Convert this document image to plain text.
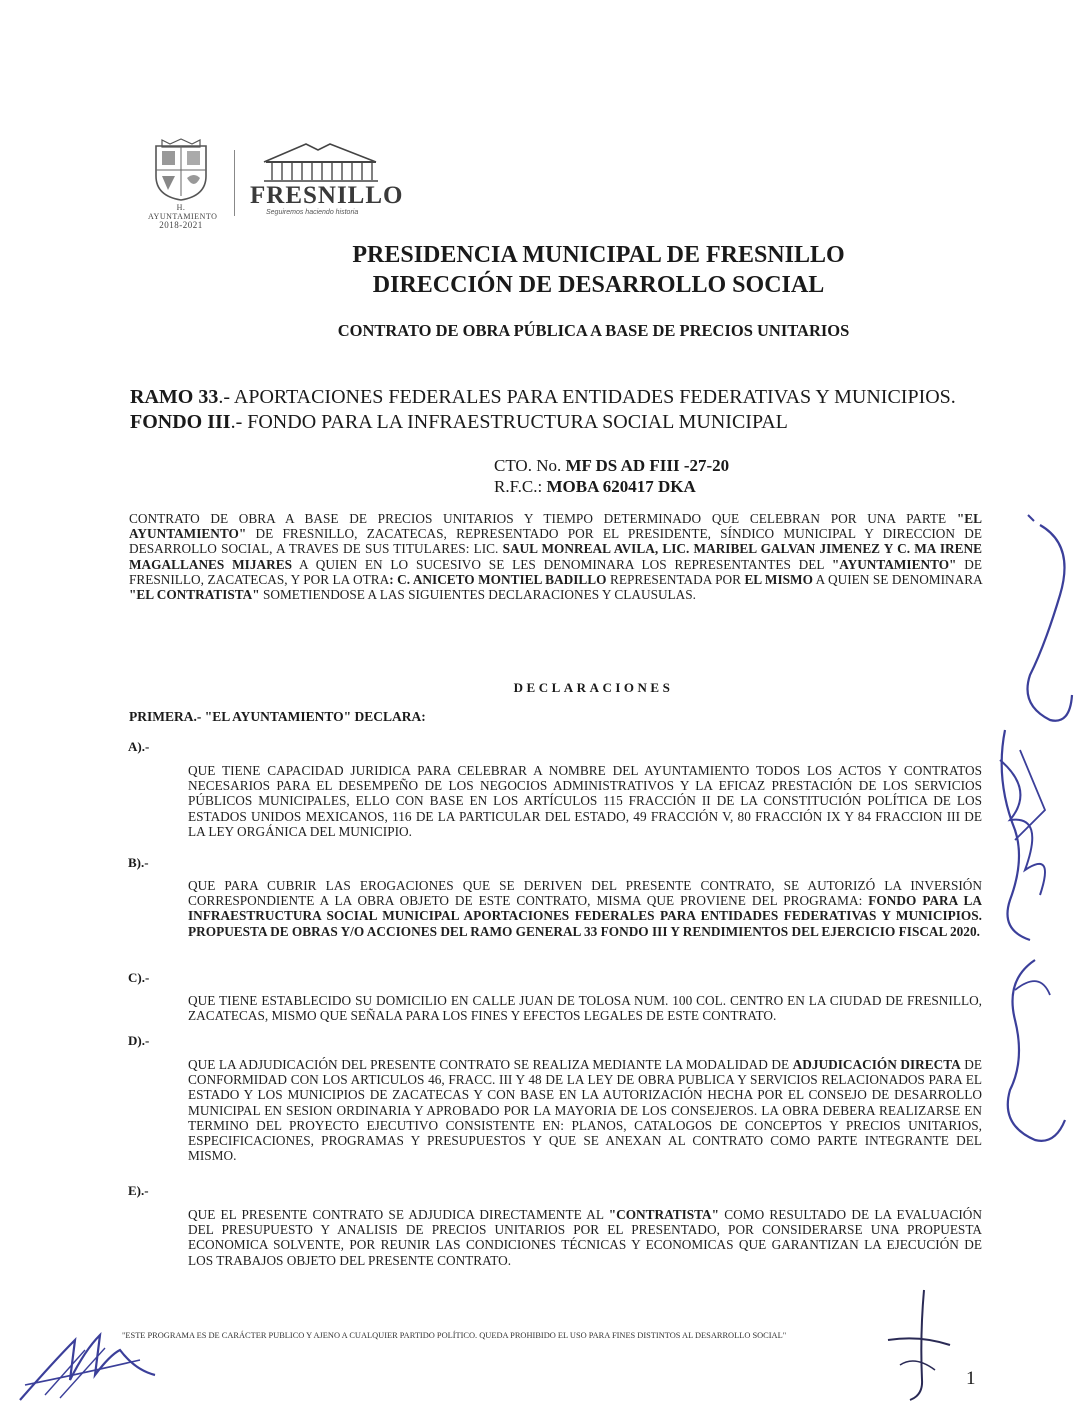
H. AYUNTAMIENTO
2018-2021
FRESNILLO
Seguiremos haciendo historia
PRESIDENCIA MUNICIPAL DE FRESNILLO
DIRECCIÓN DE DESARROLLO SOCIAL
CONTRATO DE OBRA PÚBLICA A BASE DE PRECIOS UNITARIOS
RAMO 33.- APORTACIONES FEDERALES PARA ENTIDADES FEDERATIVAS Y MUNICIPIOS.
FONDO III.- FONDO PARA LA INFRAESTRUCTURA SOCIAL MUNICIPAL
CTO. No. MF DS AD FIII -27-20
R.F.C.: MOBA 620417 DKA
CONTRATO DE OBRA A BASE DE PRECIOS UNITARIOS Y TIEMPO DETERMINADO QUE CELEBRAN POR UNA PARTE "EL AYUNTAMIENTO" DE FRESNILLO, ZACATECAS, REPRESENTADO POR EL PRESIDENTE, SÍNDICO MUNICIPAL Y DIRECCION DE DESARROLLO SOCIAL, A TRAVES DE SUS TITULARES: LIC. SAUL MONREAL AVILA, LIC. MARIBEL GALVAN JIMENEZ Y C. MA IRENE MAGALLANES MIJARES A QUIEN EN LO SUCESIVO SE LES DENOMINARA LOS REPRESENTANTES DEL "AYUNTAMIENTO" DE FRESNILLO, ZACATECAS, Y POR LA OTRA: C. ANICETO MONTIEL BADILLO REPRESENTADA POR EL MISMO A QUIEN SE DENOMINARA "EL CONTRATISTA" SOMETIENDOSE A LAS SIGUIENTES DECLARACIONES Y CLAUSULAS.
DECLARACIONES
PRIMERA.- "EL AYUNTAMIENTO" DECLARA:
A).-
QUE TIENE CAPACIDAD JURIDICA PARA CELEBRAR A NOMBRE DEL AYUNTAMIENTO TODOS LOS ACTOS Y CONTRATOS NECESARIOS PARA EL DESEMPEÑO DE LOS NEGOCIOS ADMINISTRATIVOS Y LA EFICAZ PRESTACIÓN DE LOS SERVICIOS PÚBLICOS MUNICIPALES, ELLO CON BASE EN LOS ARTÍCULOS 115 FRACCIÓN II DE LA CONSTITUCIÓN POLÍTICA DE LOS ESTADOS UNIDOS MEXICANOS, 116 DE LA PARTICULAR DEL ESTADO, 49 FRACCIÓN V, 80 FRACCIÓN IX Y 84 FRACCION III DE LA LEY ORGÁNICA DEL MUNICIPIO.
B).-
QUE PARA CUBRIR LAS EROGACIONES QUE SE DERIVEN DEL PRESENTE CONTRATO, SE AUTORIZÓ LA INVERSIÓN CORRESPONDIENTE A LA OBRA OBJETO DE ESTE CONTRATO, MISMA QUE PROVIENE DEL PROGRAMA: FONDO PARA LA INFRAESTRUCTURA SOCIAL MUNICIPAL APORTACIONES FEDERALES PARA ENTIDADES FEDERATIVAS Y MUNICIPIOS. PROPUESTA DE OBRAS Y/O ACCIONES DEL RAMO GENERAL 33 FONDO III Y RENDIMIENTOS DEL EJERCICIO FISCAL 2020.
C).-
QUE TIENE ESTABLECIDO SU DOMICILIO EN CALLE JUAN DE TOLOSA NUM. 100 COL. CENTRO EN LA CIUDAD DE FRESNILLO, ZACATECAS, MISMO QUE SEÑALA PARA LOS FINES Y EFECTOS LEGALES DE ESTE CONTRATO.
D).-
QUE LA ADJUDICACIÓN DEL PRESENTE CONTRATO SE REALIZA MEDIANTE LA MODALIDAD DE ADJUDICACIÓN DIRECTA DE CONFORMIDAD CON LOS ARTICULOS 46, FRACC. III Y 48 DE LA LEY DE OBRA PUBLICA Y SERVICIOS RELACIONADOS PARA EL ESTADO Y LOS MUNICIPIOS DE ZACATECAS Y CON BASE EN LA AUTORIZACIÓN HECHA POR EL CONSEJO DE DESARROLLO MUNICIPAL EN SESION ORDINARIA Y APROBADO POR LA MAYORIA DE LOS CONSEJEROS. LA OBRA DEBERA REALIZARSE EN TERMINO DEL PROYECTO EJECUTIVO CONSISTENTE EN: PLANOS, CATALOGOS DE CONCEPTOS Y PRECIOS UNITARIOS, ESPECIFICACIONES, PROGRAMAS Y PRESUPUESTOS Y QUE SE ANEXAN AL CONTRATO COMO PARTE INTEGRANTE DEL MISMO.
E).-
QUE EL PRESENTE CONTRATO SE ADJUDICA DIRECTAMENTE AL "CONTRATISTA" COMO RESULTADO DE LA EVALUACIÓN DEL PRESUPUESTO Y ANALISIS DE PRECIOS UNITARIOS POR EL PRESENTADO, POR CONSIDERARSE UNA PROPUESTA ECONOMICA SOLVENTE, POR REUNIR LAS CONDICIONES TÉCNICAS Y ECONOMICAS QUE GARANTIZAN LA EJECUCIÓN DE LOS TRABAJOS OBJETO DEL PRESENTE CONTRATO.
"ESTE PROGRAMA ES DE CARÁCTER PUBLICO Y AJENO A CUALQUIER PARTIDO POLÍTICO. QUEDA PROHIBIDO EL USO PARA FINES DISTINTOS AL DESARROLLO SOCIAL"
1
